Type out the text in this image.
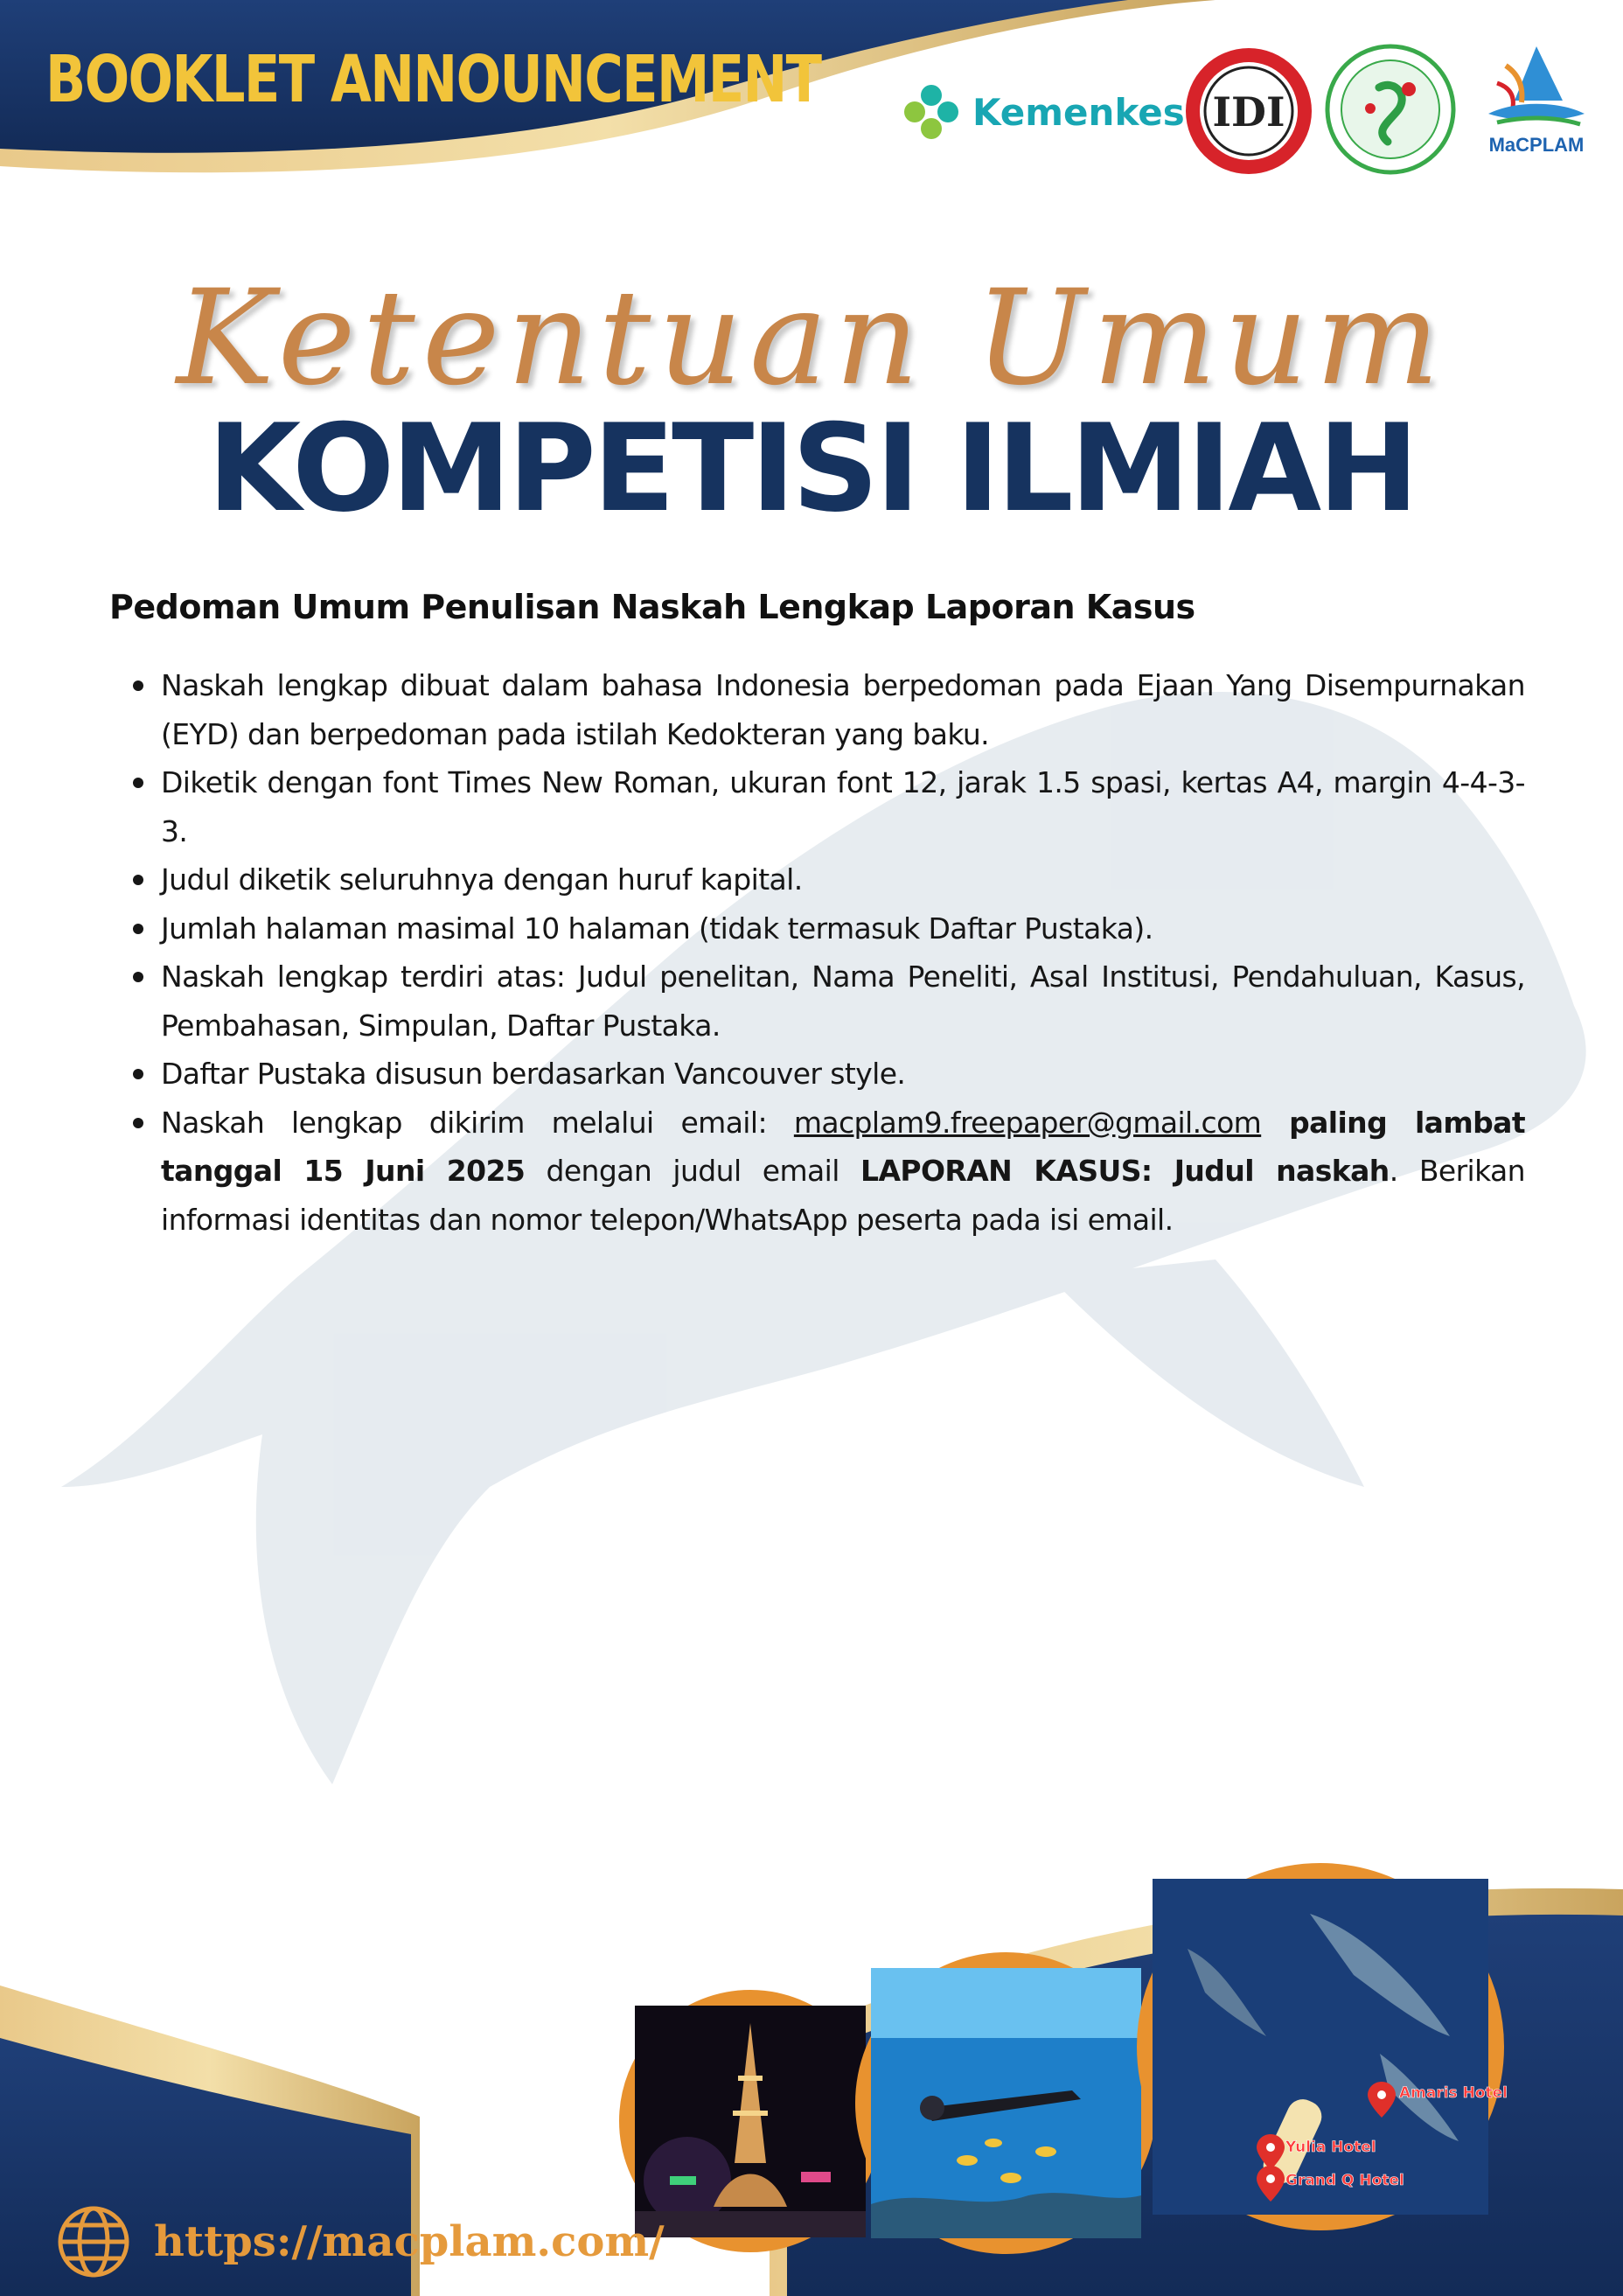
BOOKLET ANNOUNCEMENT	Kemenkes IDI
MaCPLAM
Ketentuan Umum
KOMPETISI ILMIAH
Pedoman Umum Penulisan Naskah Lengkap Laporan Kasus
Naskah lengkap dibuat dalam bahasa Indonesia berpedoman pada Ejaan Yang Disempurnakan (EYD) dan berpedoman pada istilah Kedokteran yang baku.
Diketik dengan font Times New Roman, ukuran font 12, jarak 1.5 spasi, kertas A4, margin 4-4-3-3.
Judul diketik seluruhnya dengan huruf kapital.
Jumlah halaman masimal 10 halaman (tidak termasuk Daftar Pustaka).
Naskah lengkap terdiri atas: Judul penelitan, Nama Peneliti, Asal Institusi, Pendahuluan, Kasus, Pembahasan, Simpulan, Daftar Pustaka.
Daftar Pustaka disusun berdasarkan Vancouver style.
Naskah lengkap dikirim melalui email: macplam9.freepaper@gmail.com paling lambat tanggal 15 Juni 2025 dengan judul email LAPORAN KASUS: Judul naskah. Berikan informasi identitas dan nomor telepon/WhatsApp peserta pada isi email.
Amaris Hotel
Yulia Hotel
Grand Q Hotel
https://macplam.com/
